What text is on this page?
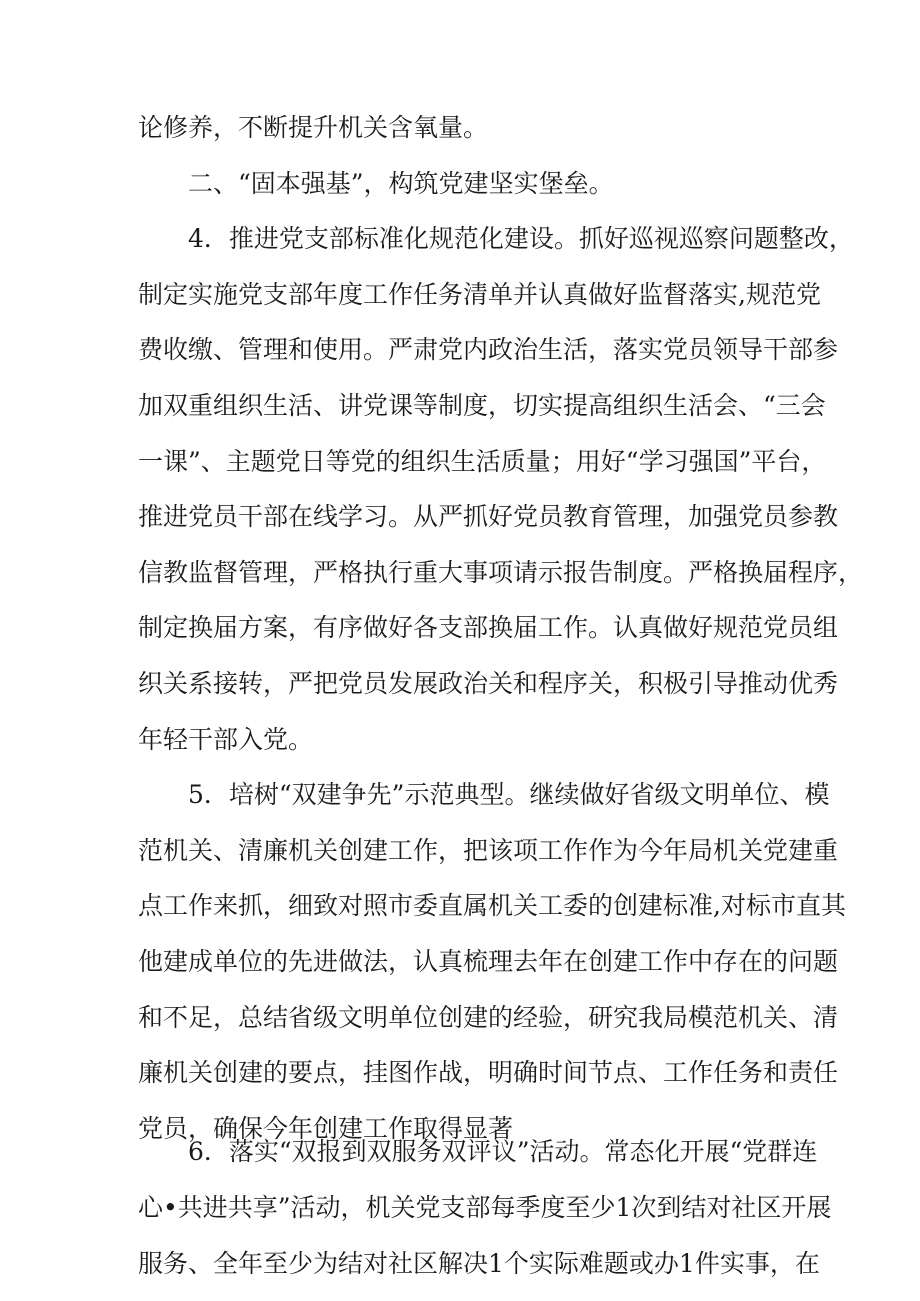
论修养，不断提升机关含氧量。
二、“固本强基”，构筑党建坚实堡垒。
4．推进党支部标准化规范化建设。抓好巡视巡察问题整改，
制定实施党支部年度工作任务清单并认真做好监督落实,规范党
费收缴、管理和使用。严肃党内政治生活，落实党员领导干部参
加双重组织生活、讲党课等制度，切实提高组织生活会、“三会
一课”、主题党日等党的组织生活质量；用好“学习强国”平台，
推进党员干部在线学习。从严抓好党员教育管理，加强党员参教
信教监督管理，严格执行重大事项请示报告制度。严格换届程序，
制定换届方案，有序做好各支部换届工作。认真做好规范党员组
织关系接转，严把党员发展政治关和程序关，积极引导推动优秀
年轻干部入党。
5．培树“双建争先”示范典型。继续做好省级文明单位、模
范机关、清廉机关创建工作，把该项工作作为今年局机关党建重
点工作来抓，细致对照市委直属机关工委的创建标准,对标市直其
他建成单位的先进做法，认真梳理去年在创建工作中存在的问题
和不足，总结省级文明单位创建的经验，研究我局模范机关、清
廉机关创建的要点，挂图作战，明确时间节点、工作任务和责任
党员，确保今年创建工作取得显著
6．落实“双报到双服务双评议”活动。常态化开展“党群连
心•共进共享”活动，机关党支部每季度至少1次到结对社区开展
服务、全年至少为结对社区解决1个实际难题或办1件实事，在
